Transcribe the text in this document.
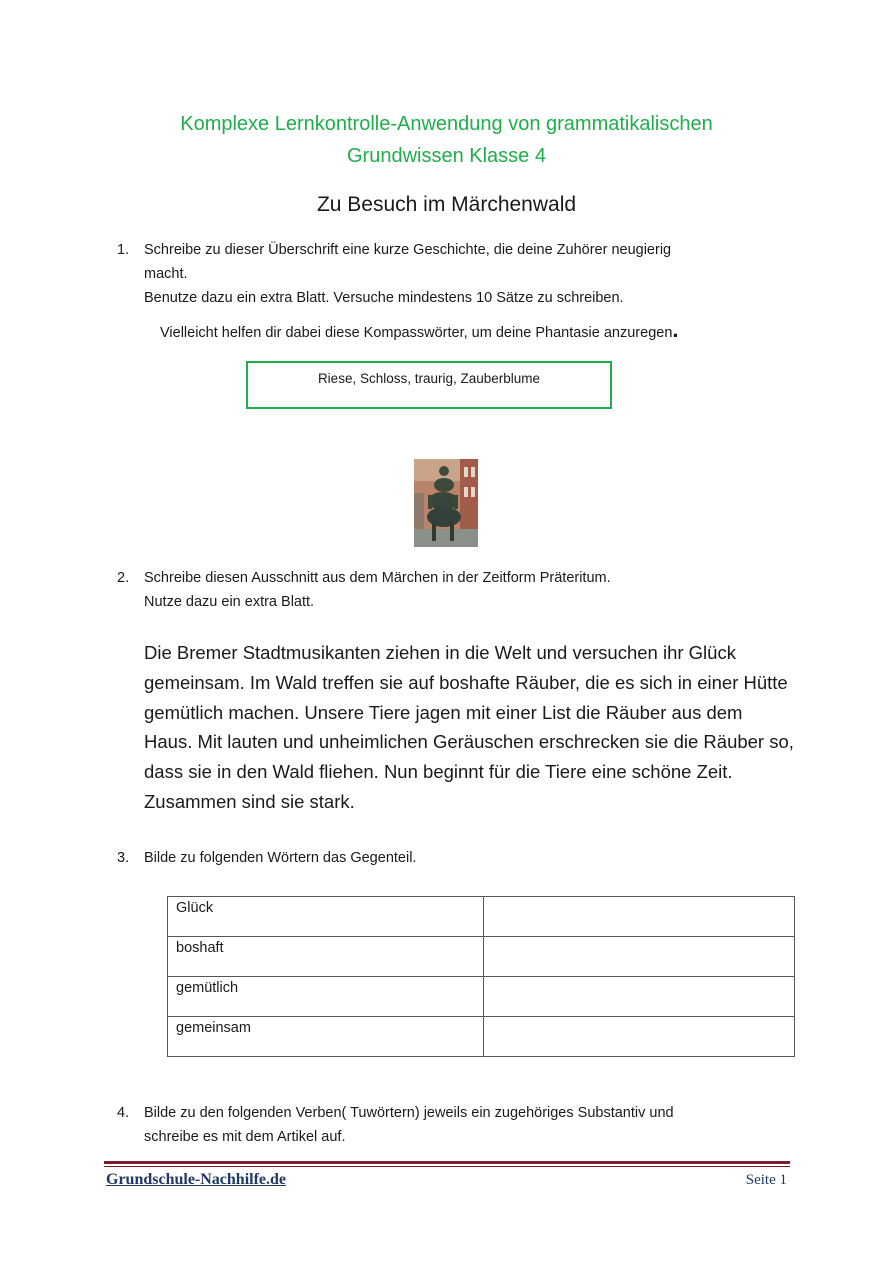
Komplexe Lernkontrolle-Anwendung von grammatikalischen
Grundwissen Klasse 4
Zu Besuch im Märchenwald
1. Schreibe zu dieser Überschrift eine kurze Geschichte, die deine Zuhörer neugierig
macht.
Benutze dazu ein extra Blatt. Versuche mindestens 10 Sätze zu schreiben.
Vielleicht helfen dir dabei diese Kompasswörter, um deine Phantasie anzuregen.
Riese, Schloss, traurig, Zauberblume
2. Schreibe diesen Ausschnitt aus dem Märchen in der Zeitform Präteritum.
Nutze dazu ein extra Blatt.
Die Bremer Stadtmusikanten ziehen in die Welt und versuchen ihr Glück gemeinsam. Im Wald treffen sie auf boshafte Räuber, die es sich in einer Hütte gemütlich machen. Unsere Tiere jagen mit einer List die Räuber aus dem Haus. Mit lauten und unheimlichen Geräuschen erschrecken sie die Räuber so, dass sie in den Wald fliehen. Nun beginnt für die Tiere eine schöne Zeit. Zusammen sind sie stark.
3. Bilde zu folgenden Wörtern das Gegenteil.
Glück	
boshaft	
gemütlich	
gemeinsam	
4. Bilde zu den folgenden Verben( Tuwörtern) jeweils ein zugehöriges Substantiv und
schreibe es mit dem Artikel auf.
Grundschule-Nachhilfe.de	Seite 1
